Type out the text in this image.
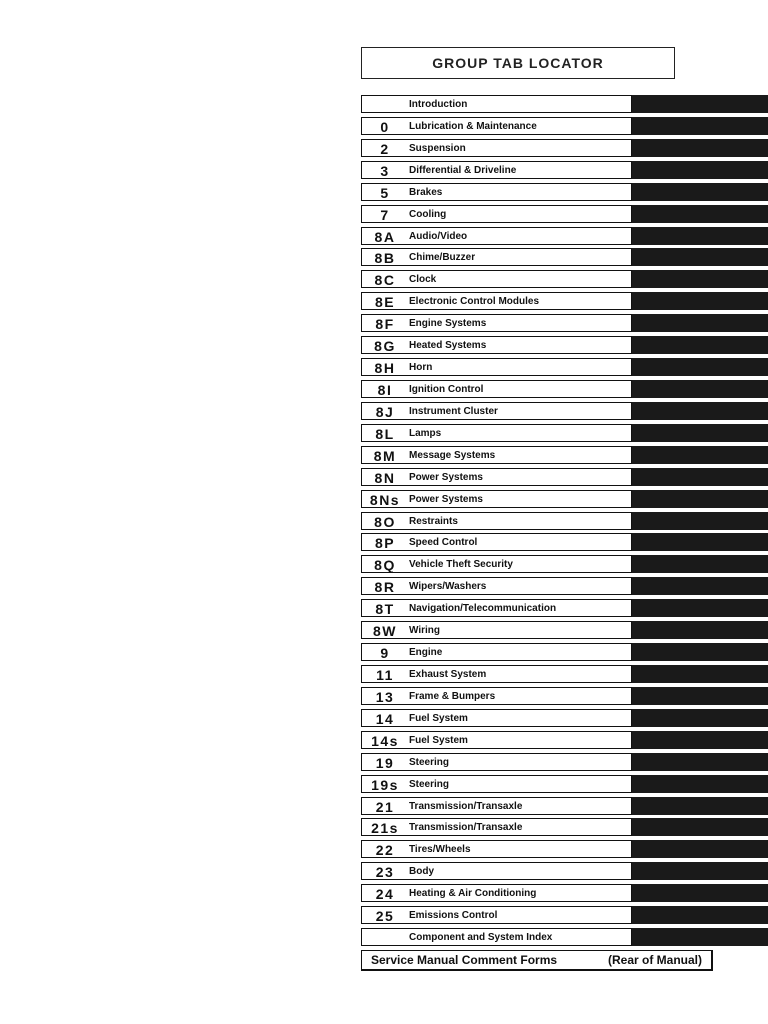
GROUP TAB LOCATOR
Introduction
0	Lubrication & Maintenance
2	Suspension
3	Differential & Driveline
5	Brakes
7	Cooling
8A	Audio/Video
8B	Chime/Buzzer
8C	Clock
8E	Electronic Control Modules
8F	Engine Systems
8G	Heated Systems
8H	Horn
8I	Ignition Control
8J	Instrument Cluster
8L	Lamps
8M	Message Systems
8N	Power Systems
8Ns Power Systems
8O	Restraints
8P	Speed Control
8Q	Vehicle Theft Security
8R	Wipers/Washers
8T	Navigation/Telecommunication
8W	Wiring
9	Engine
11	Exhaust System
13	Frame & Bumpers
14	Fuel System
14s	Fuel System
19	Steering
19s	Steering
21	Transmission/Transaxle
21s	Transmission/Transaxle
22	Tires/Wheels
23	Body
24	Heating & Air Conditioning
25	Emissions Control
Component and System Index
Service Manual Comment Forms	(Rear of Manual)
